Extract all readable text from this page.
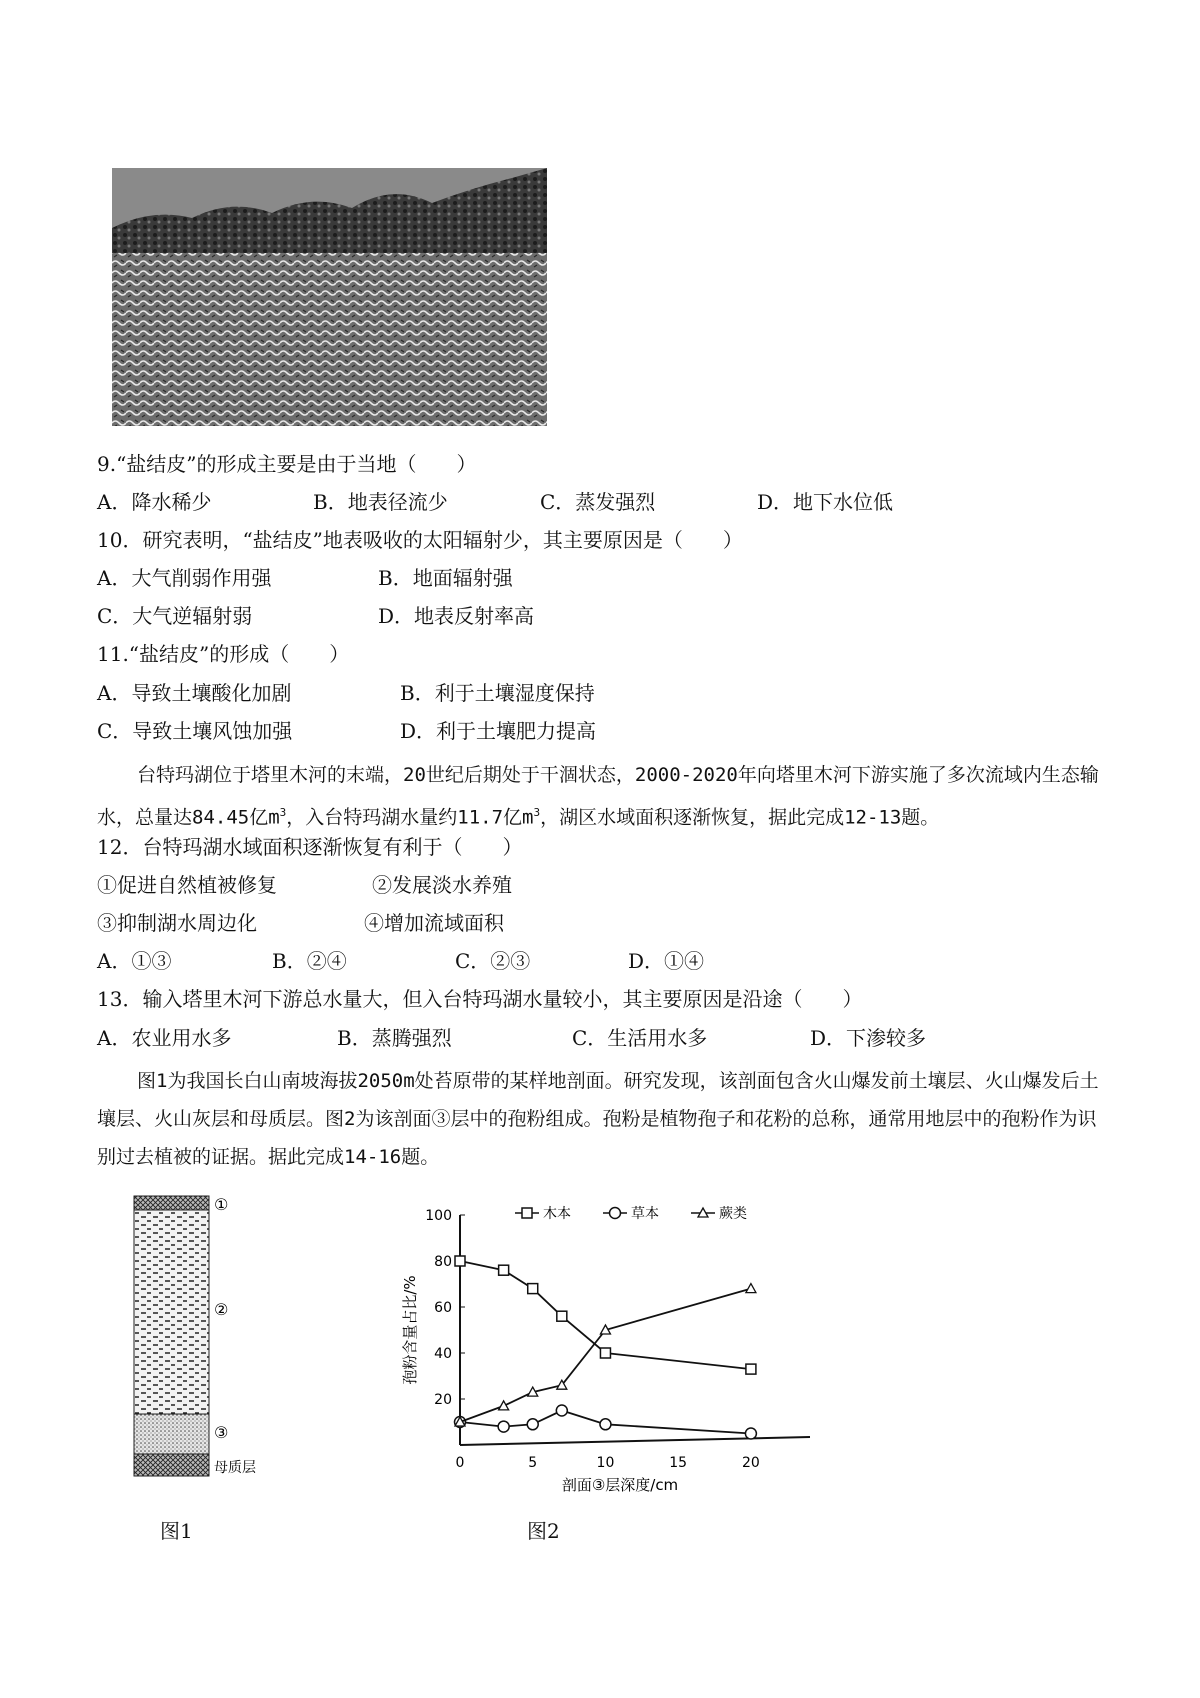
9.“盐结皮”的形成主要是由于当地（　　）
A．降水稀少	B．地表径流少	C．蒸发强烈	D．地下水位低
10．研究表明，“盐结皮”地表吸收的太阳辐射少，其主要原因是（　　）
A．大气削弱作用强	B．地面辐射强
C．大气逆辐射弱	D．地表反射率高
11.“盐结皮”的形成（　　）
A．导致土壤酸化加剧	B．利于土壤湿度保持
C．导致土壤风蚀加强	D．利于土壤肥力提高
台特玛湖位于塔里木河的末端，20世纪后期处于干涸状态，2000-2020年向塔里木河下游实施了多次流域内生态输水，总量达84.45亿$m^3$，入台特玛湖水量约11.7亿$m^3$，湖区水域面积逐渐恢复，据此完成12-13题。
12．台特玛湖水域面积逐渐恢复有利于（　　）
①促进自然植被修复	②发展淡水养殖
③抑制湖水周边化	④增加流域面积
A．①③	B．②④	C．②③	D．①④
13．输入塔里木河下游总水量大，但入台特玛湖水量较小，其主要原因是沿途（　　）
A．农业用水多	B．蒸腾强烈	C．生活用水多	D．下渗较多
图1为我国长白山南坡海拔2050m处苔原带的某样地剖面。研究发现，该剖面包含火山爆发前土壤层、火山爆发后土壤层、火山灰层和母质层。图2为该剖面③层中的孢粉组成。孢粉是植物孢子和花粉的总称，通常用地层中的孢粉作为识别过去植被的证据。据此完成14-16题。
①
②
③
母质层
图1
20
40
60
80
100
0	5	10	15	20
剖面③层深度/cm
孢粉含量占比/%
木本	草本	蕨类
图2
